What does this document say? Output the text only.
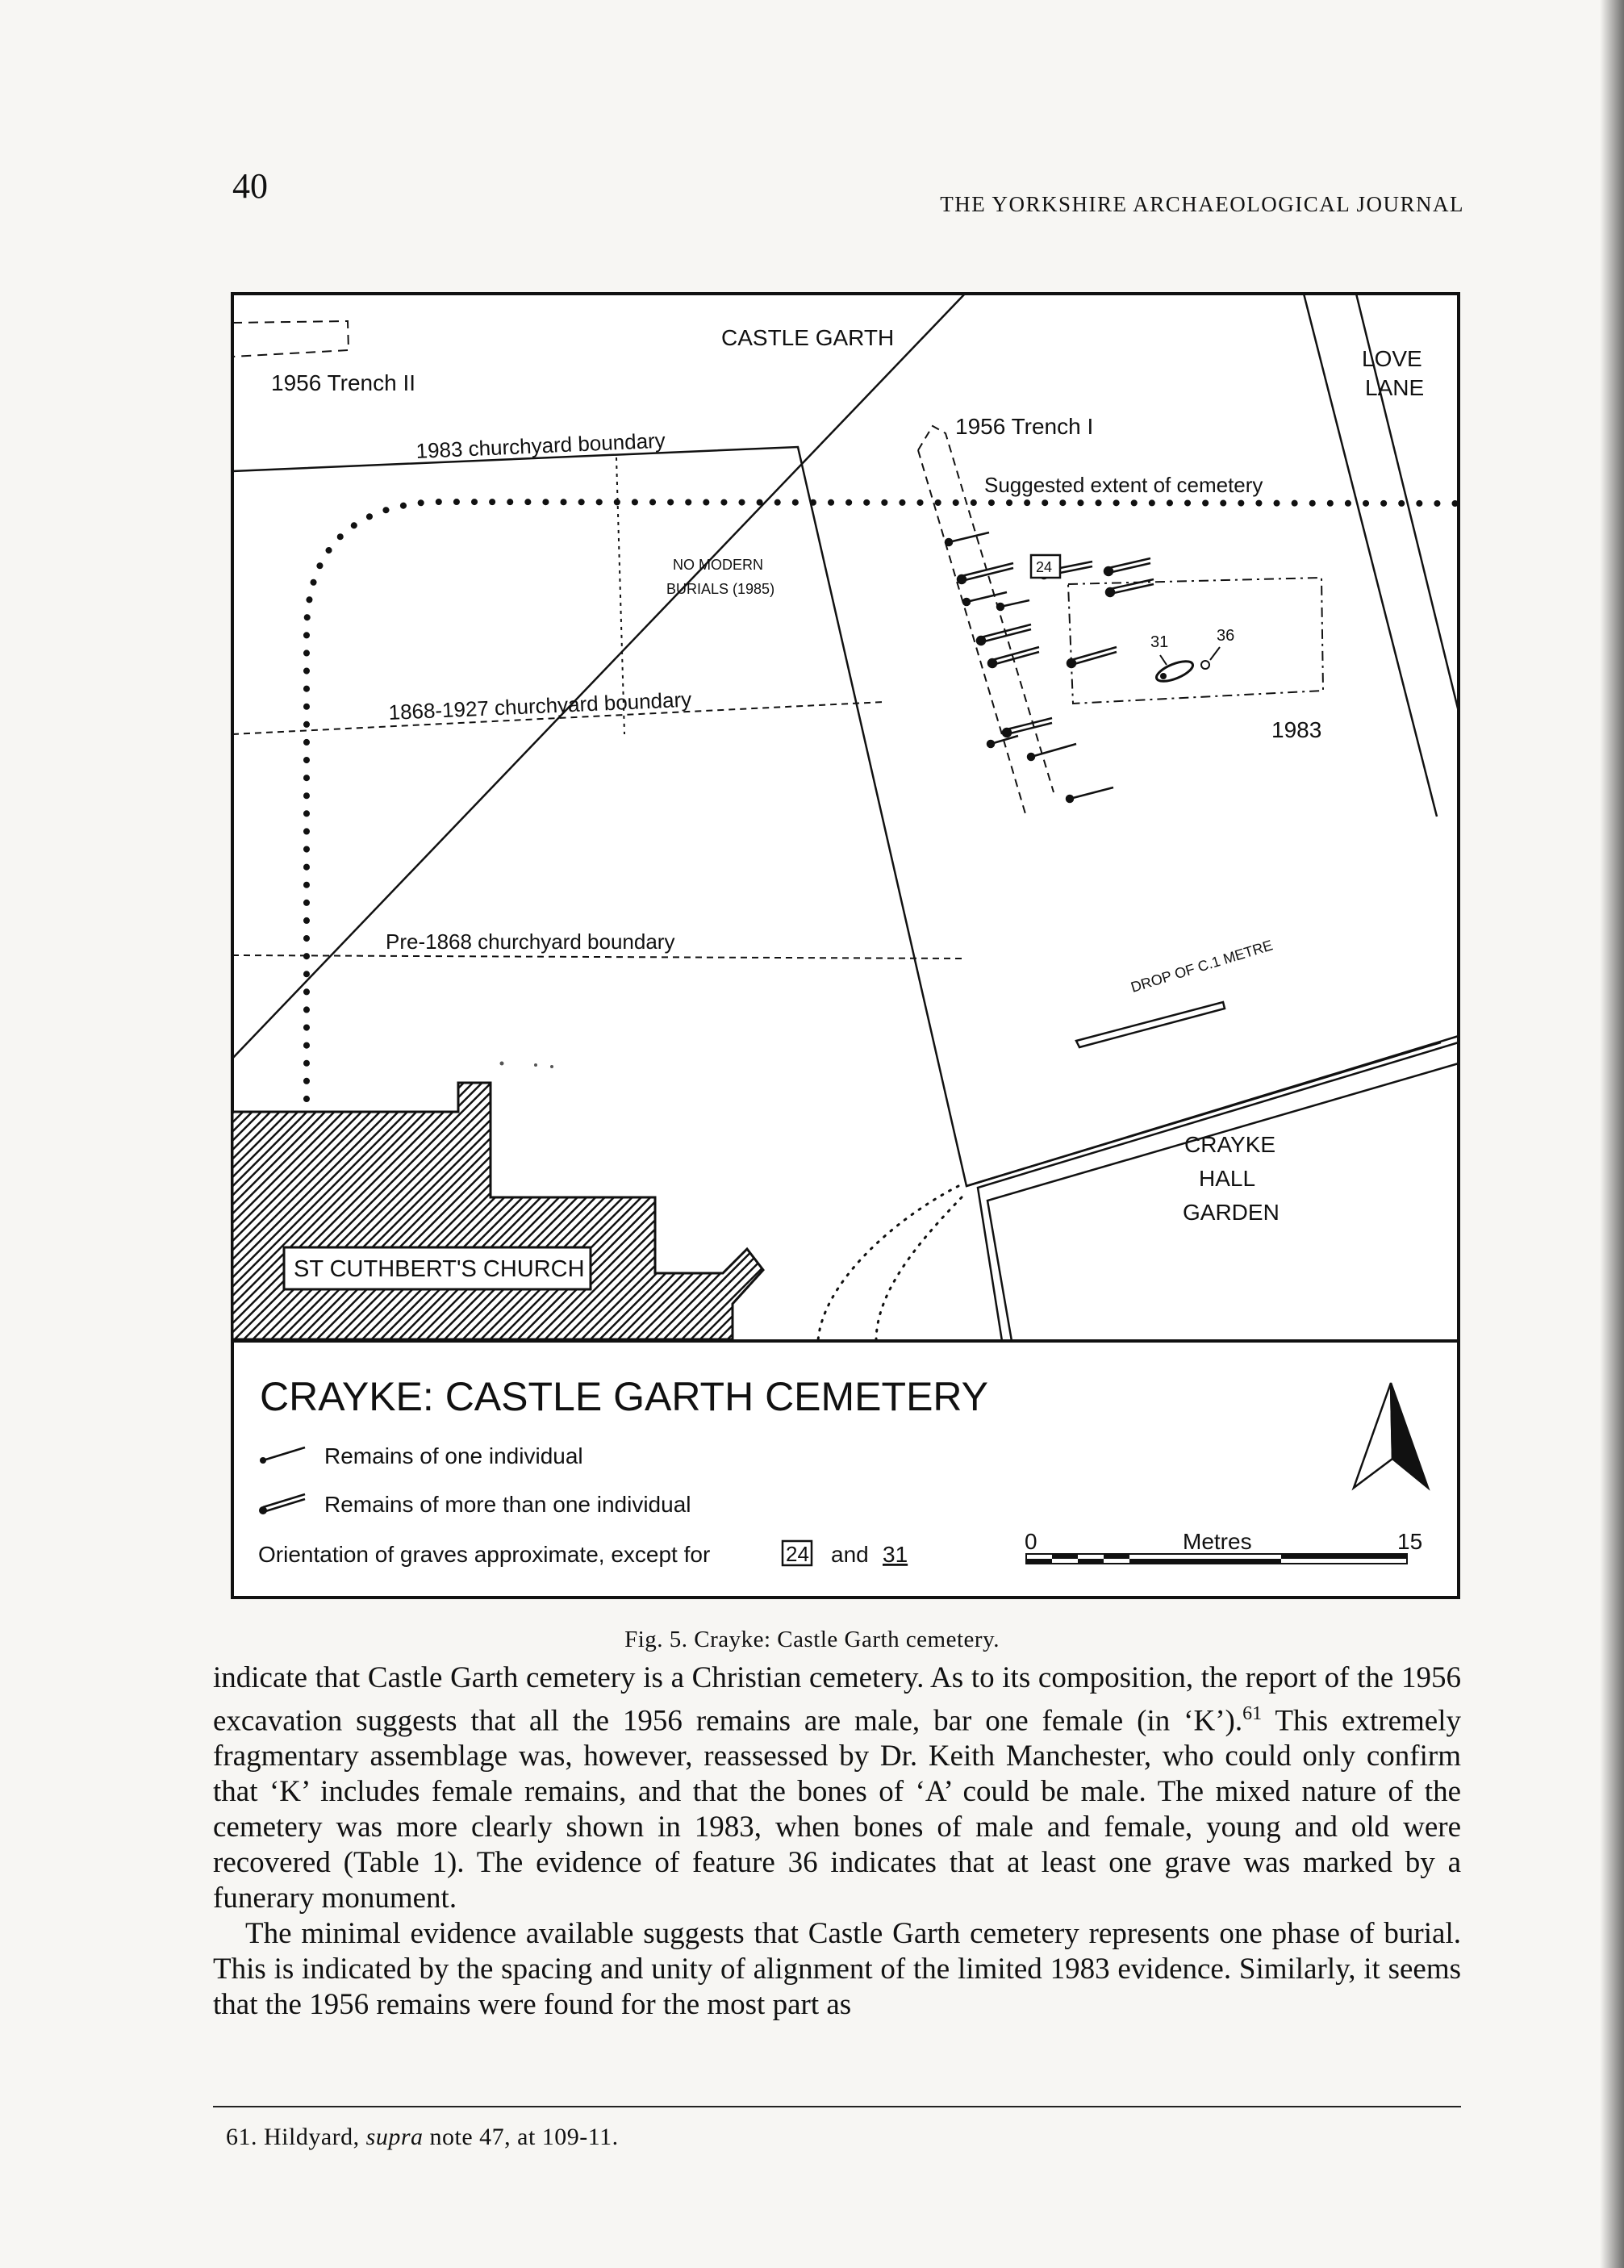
40	THE YORKSHIRE ARCHAEOLOGICAL JOURNAL
CASTLE GARTH
LOVE
LANE
1956 Trench II
1956 Trench I
1983 churchyard boundary
Suggested extent of cemetery
NO MODERN
BURIALS (1985)
24
31	36
1868-1927 churchyard boundary
1983
Pre-1868 churchyard boundary	DROP OF C.1 METRE
CRAYKE
HALL
GARDEN
ST CUTHBERT'S CHURCH
CRAYKE: CASTLE GARTH CEMETERY
Remains of one individual
Remains of more than one individual
Orientation of graves approximate, except for	24 and 31
0	Metres	15
Fig. 5. Crayke: Castle Garth cemetery.

indicate that Castle Garth cemetery is a Christian cemetery. As to its composition, the report of the 1956 excavation suggests that all the 1956 remains are male, bar one female (in ‘K’).$^{61}$ This extremely fragmentary assemblage was, however, reassessed by Dr. Keith Manchester, who could only confirm that ‘K’ includes female remains, and that the bones of ‘A’ could be male. The mixed nature of the cemetery was more clearly shown in 1983, when bones of male and female, young and old were recovered (Table 1). The evidence of feature 36 indicates that at least one grave was marked by a funerary monument.

The minimal evidence available suggests that Castle Garth cemetery represents one phase of burial. This is indicated by the spacing and unity of alignment of the limited 1983 evidence. Similarly, it seems that the 1956 remains were found for the most part as

61. Hildyard, supra note 47, at 109-11.
